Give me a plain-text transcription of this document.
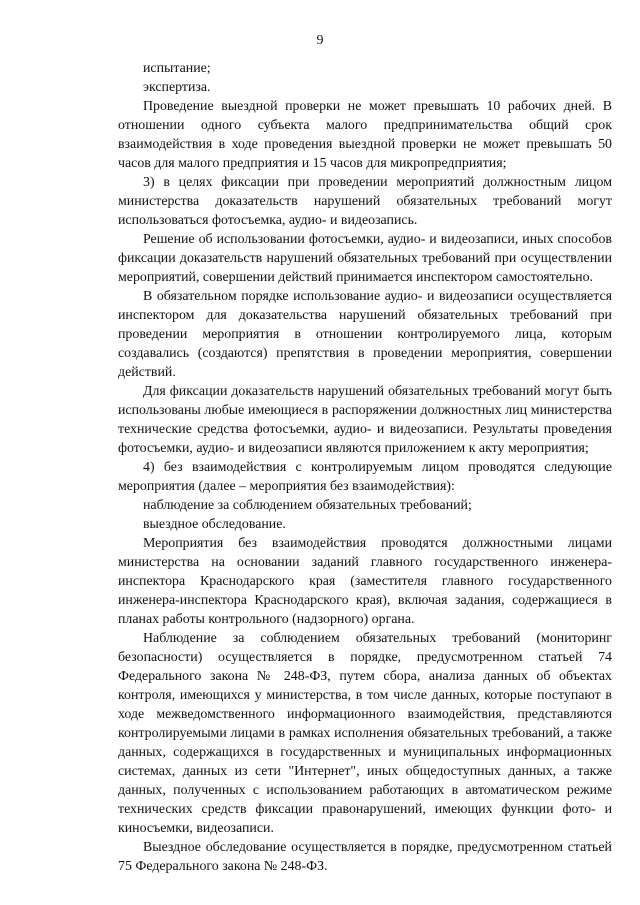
9

испытание;

экспертиза.

Проведение выездной проверки не может превышать 10 рабочих дней. В отношении одного субъекта малого предпринимательства общий срок взаимодействия в ходе проведения выездной проверки не может превышать 50 часов для малого предприятия и 15 часов для микропредприятия;

3) в целях фиксации при проведении мероприятий должностным лицом министерства доказательств нарушений обязательных требований могут использоваться фотосъемка, аудио- и видеозапись.

Решение об использовании фотосъемки, аудио- и видеозаписи, иных способов фиксации доказательств нарушений обязательных требований при осуществлении мероприятий, совершении действий принимается инспектором самостоятельно.

В обязательном порядке использование аудио- и видеозаписи осуществляется инспектором для доказательства нарушений обязательных требований при проведении мероприятия в отношении контролируемого лица, которым создавались (создаются) препятствия в проведении мероприятия, совершении действий.

Для фиксации доказательств нарушений обязательных требований могут быть использованы любые имеющиеся в распоряжении должностных лиц министерства технические средства фотосъемки, аудио- и видеозаписи. Результаты проведения фотосъемки, аудио- и видеозаписи являются приложением к акту мероприятия;

4) без взаимодействия с контролируемым лицом проводятся следующие мероприятия (далее – мероприятия без взаимодействия):

наблюдение за соблюдением обязательных требований;

выездное обследование.

Мероприятия без взаимодействия проводятся должностными лицами министерства на основании заданий главного государственного инженера-инспектора Краснодарского края (заместителя главного государственного инженера-инспектора Краснодарского края), включая задания, содержащиеся в планах работы контрольного (надзорного) органа.

Наблюдение за соблюдением обязательных требований (мониторинг безопасности) осуществляется в порядке, предусмотренном статьей 74 Федерального закона № 248-ФЗ, путем сбора, анализа данных об объектах контроля, имеющихся у министерства, в том числе данных, которые поступают в ходе межведомственного информационного взаимодействия, представляются контролируемыми лицами в рамках исполнения обязательных требований, а также данных, содержащихся в государственных и муниципальных информационных системах, данных из сети "Интернет", иных общедоступных данных, а также данных, полученных с использованием работающих в автоматическом режиме технических средств фиксации правонарушений, имеющих функции фото- и киносъемки, видеозаписи.

Выездное обследование осуществляется в порядке, предусмотренном статьей 75 Федерального закона № 248-ФЗ.
